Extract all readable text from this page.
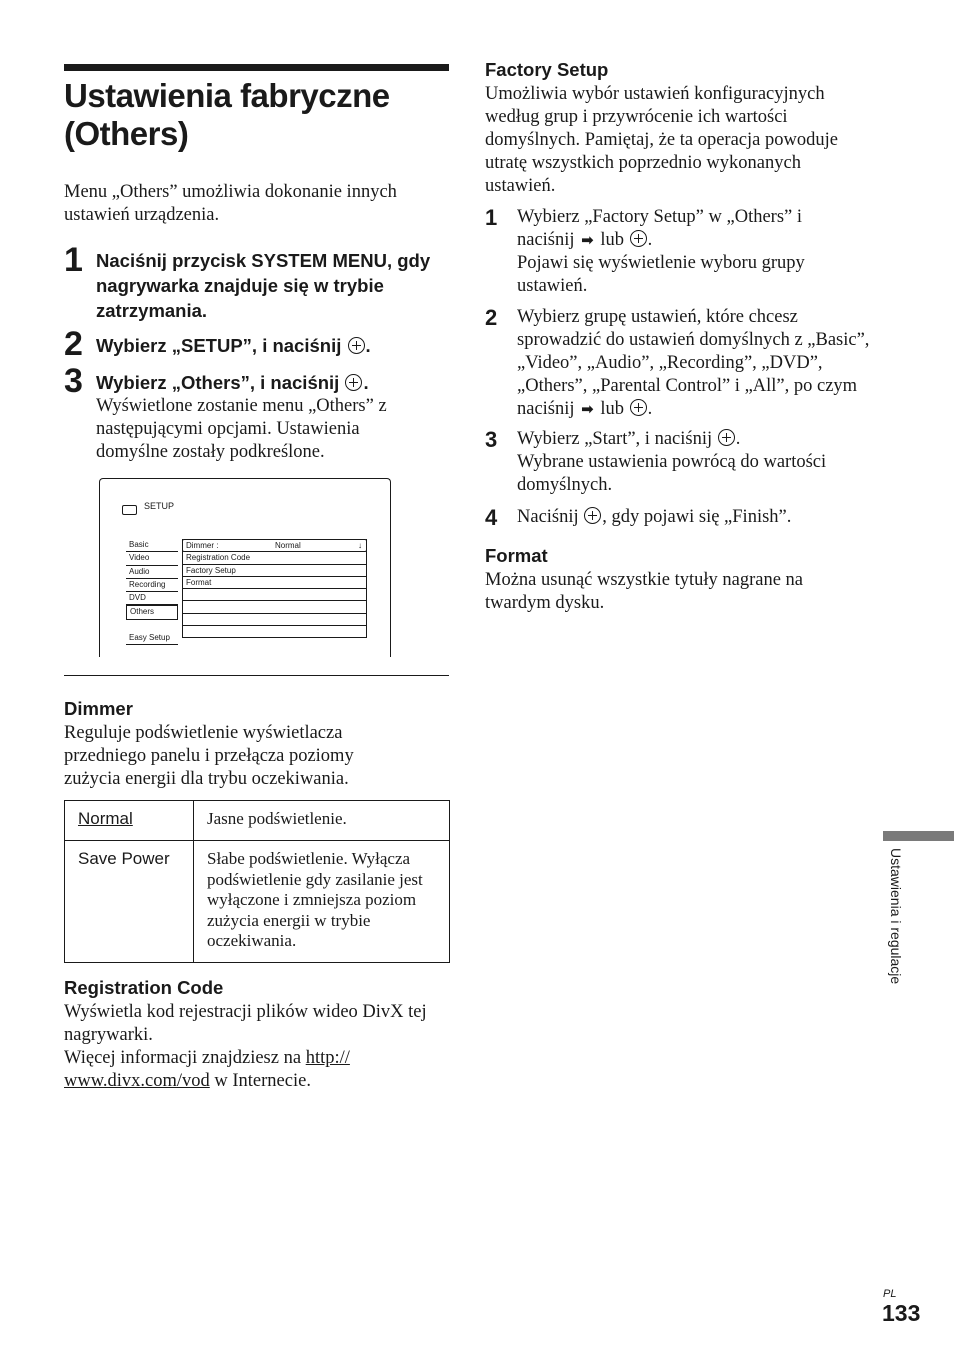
Ustawienia fabryczne
(Others)
Menu „Others” umożliwia dokonanie innych ustawień urządzenia.
1 Naciśnij przycisk SYSTEM MENU, gdy nagrywarka znajduje się w trybie zatrzymania.
2 Wybierz „SETUP”, i naciśnij .
3 Wybierz „Others”, i naciśnij .
Wyświetlone zostanie menu „Others” z następującymi opcjami. Ustawienia domyślne zostały podkreślone.
SETUP
Basic
Video
Audio
Recording
DVD
Others
Easy Setup
Dimmer :	Normal	↓
Registration Code
Factory Setup
Format
Dimmer
Reguluje podświetlenie wyświetlacza przedniego panelu i przełącza poziomy zużycia energii dla trybu oczekiwania.
Normal	Jasne podświetlenie.
Save Power	Słabe podświetlenie. Wyłącza podświetlenie gdy zasilanie jest wyłączone i zmniejsza poziom zużycia energii w trybie oczekiwania.
Registration Code
Wyświetla kod rejestracji plików wideo DivX tej nagrywarki.
Więcej informacji znajdziesz na http://
www.divx.com/vod w Internecie.
Factory Setup
Umożliwia wybór ustawień konfiguracyjnych według grup i przywrócenie ich wartości domyślnych. Pamiętaj, że ta operacja powoduje utratę wszystkich poprzednio wykonanych ustawień.
1 Wybierz „Factory Setup” w „Others” i naciśnij ➡ lub .
Pojawi się wyświetlenie wyboru grupy ustawień.
2 Wybierz grupę ustawień, które chcesz sprowadzić do ustawień domyślnych z „Basic”, „Video”, „Audio”, „Recording”, „DVD”, „Others”, „Parental Control” i „All”, po czym naciśnij ➡ lub .
3 Wybierz „Start”, i naciśnij .
Wybrane ustawienia powrócą do wartości domyślnych.
4 Naciśnij , gdy pojawi się „Finish”.
Format
Można usunąć wszystkie tytuły nagrane na twardym dysku.
Ustawienia i regulacje
PL
133
